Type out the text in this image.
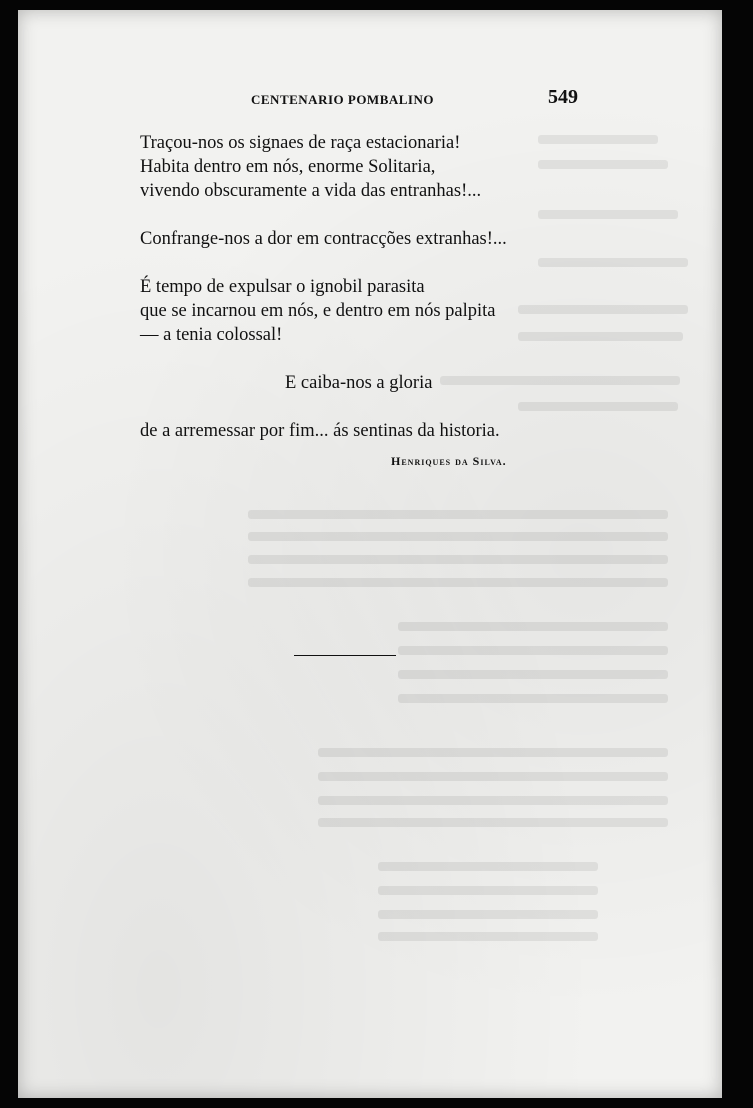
CENTENARIO POMBALINO	549
Traçou-nos os signaes de raça estacionaria!
Habita dentro em nós, enorme Solitaria,
vivendo obscuramente a vida das entranhas!...
Confrange-nos a dor em contracções extranhas!...
É tempo de expulsar o ignobil parasita
que se incarnou em nós, e dentro em nós palpita
— a tenia colossal!
E caiba-nos a gloria
de a arremessar por fim... ás sentinas da historia.
Henriques da Silva.
